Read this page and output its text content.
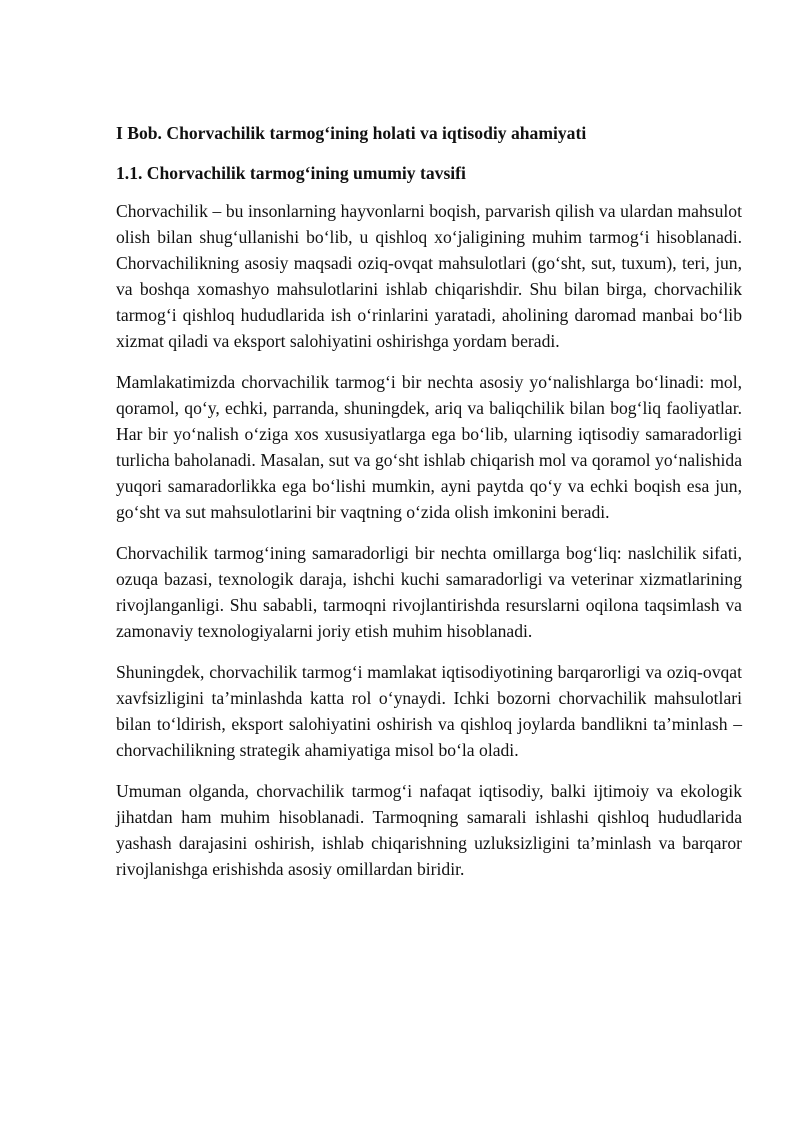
I Bob. Chorvachilik tarmog‘ining holati va iqtisodiy ahamiyati
1.1. Chorvachilik tarmog‘ining umumiy tavsifi

Chorvachilik – bu insonlarning hayvonlarni boqish, parvarish qilish va ulardan mahsulot olish bilan shug‘ullanishi bo‘lib, u qishloq xo‘jaligining muhim tarmog‘i hisoblanadi. Chorvachilikning asosiy maqsadi oziq-ovqat mahsulotlari (go‘sht, sut, tuxum), teri, jun, va boshqa xomashyo mahsulotlarini ishlab chiqarishdir. Shu bilan birga, chorvachilik tarmog‘i qishloq hududlarida ish o‘rinlarini yaratadi, aholining daromad manbai bo‘lib xizmat qiladi va eksport salohiyatini oshirishga yordam beradi.

Mamlakatimizda chorvachilik tarmog‘i bir nechta asosiy yo‘nalishlarga bo‘linadi: mol, qoramol, qo‘y, echki, parranda, shuningdek, ariq va baliqchilik bilan bog‘liq faoliyatlar. Har bir yo‘nalish o‘ziga xos xususiyatlarga ega bo‘lib, ularning iqtisodiy samaradorligi turlicha baholanadi. Masalan, sut va go‘sht ishlab chiqarish mol va qoramol yo‘nalishida yuqori samaradorlikka ega bo‘lishi mumkin, ayni paytda qo‘y va echki boqish esa jun, go‘sht va sut mahsulotlarini bir vaqtning o‘zida olish imkonini beradi.

Chorvachilik tarmog‘ining samaradorligi bir nechta omillarga bog‘liq: naslchilik sifati, ozuqa bazasi, texnologik daraja, ishchi kuchi samaradorligi va veterinar xizmatlarining rivojlanganligi. Shu sababli, tarmoqni rivojlantirishda resurslarni oqilona taqsimlash va zamonaviy texnologiyalarni joriy etish muhim hisoblanadi.

Shuningdek, chorvachilik tarmog‘i mamlakat iqtisodiyotining barqarorligi va oziq-ovqat xavfsizligini ta’minlashda katta rol o‘ynaydi. Ichki bozorni chorvachilik mahsulotlari bilan to‘ldirish, eksport salohiyatini oshirish va qishloq joylarda bandlikni ta’minlash – chorvachilikning strategik ahamiyatiga misol bo‘la oladi.

Umuman olganda, chorvachilik tarmog‘i nafaqat iqtisodiy, balki ijtimoiy va ekologik jihatdan ham muhim hisoblanadi. Tarmoqning samarali ishlashi qishloq hududlarida yashash darajasini oshirish, ishlab chiqarishning uzluksizligini ta’minlash va barqaror rivojlanishga erishishda asosiy omillardan biridir.
